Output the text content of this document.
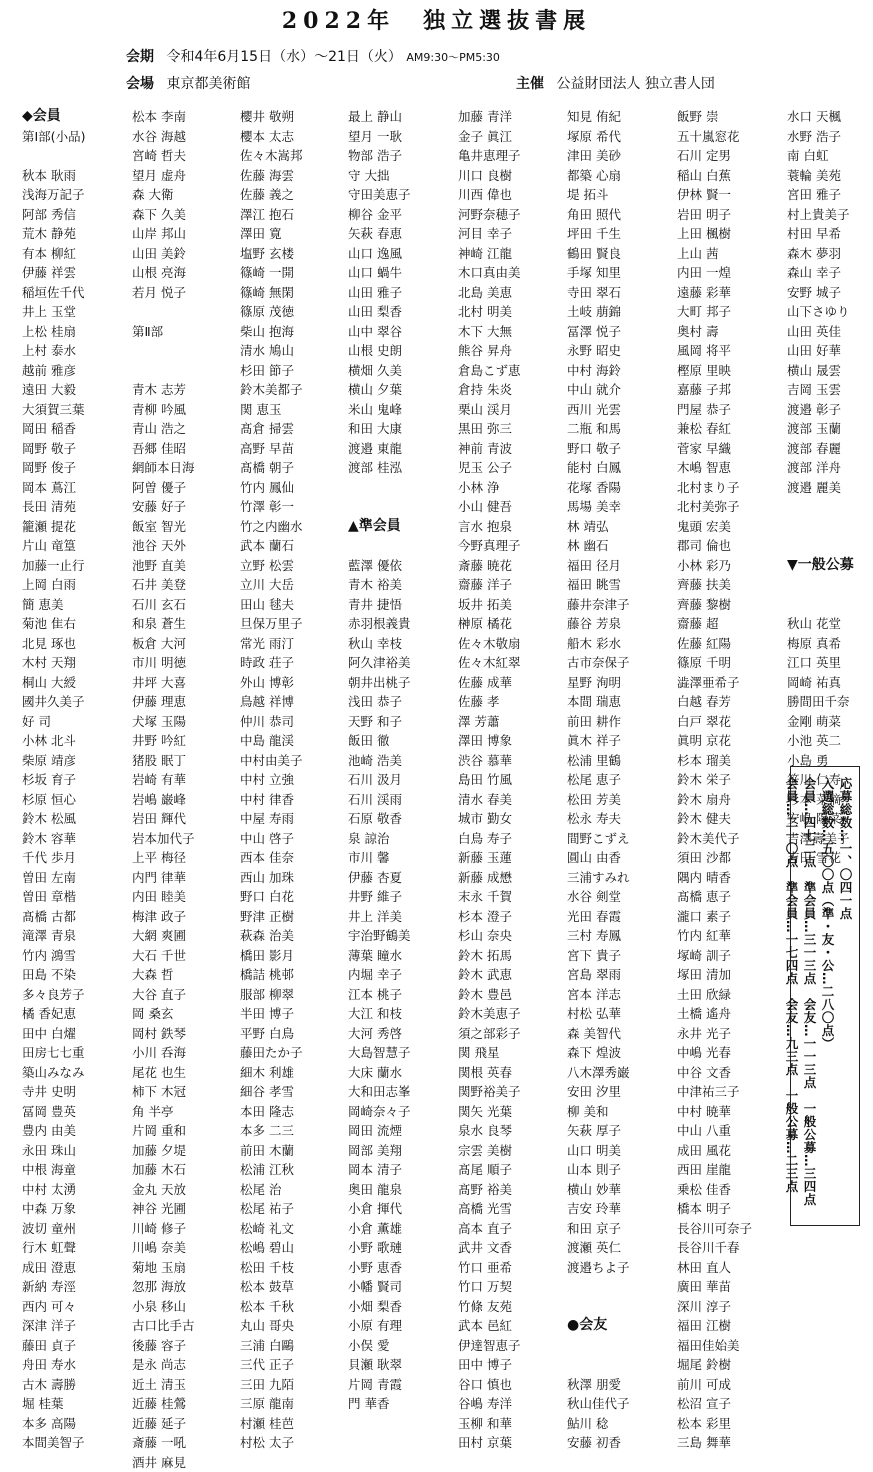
2022年　独立選抜書展
会期 令和4年6月15日（水）〜21日（火） AM9:30〜PM5:30
会場 東京都美術館	主催 公益財団法人 独立書人団
◆会員
第Ⅰ部(小品)
秋本 耿雨
浅海万記子
阿部 秀信
荒木 静苑
有本 柳紅
伊藤 祥雲
稲垣佐千代
井上 玉堂
上松 桂扇
上村 泰水
越前 雅彦
遠田 大毅
大須賀三葉
岡田 稲香
岡野 敬子
岡野 俊子
岡本 蔦江
長田 清苑
籠瀬 提花
片山 竜篁
加藤一止行
上岡 白雨
簡 恵美
菊池 隹右
北見 琢也
木村 天翔
桐山 大綬
國井久美子
好 司
小林 北斗
柴原 靖彦
杉坂 育子
杉原 恒心
鈴木 松風
鈴木 容華
千代 歩月
曽田 左南
曽田 章楷
髙橋 古都
滝澤 青泉
竹内 鴻雪
田島 不染
多々良芳子
橘 香妃恵
田中 白燿
田房七七重
築山みなみ
寺井 史明
冨岡 豊英
豊内 由美
永田 珠山
中根 海童
中村 太湧
中森 万象
波切 童州
行木 虹聲
成田 澄恵
新納 寿涇
西内 可々
深津 洋子
藤田 貞子
舟田 寿水
古木 壽勝
堀 桂葉
本多 高陽
本間美智子
松本 李南
水谷 海越
宮崎 哲夫
望月 虚舟
森 大衛
森下 久美
山岸 邦山
山田 美鈴
山根 亮海
若月 悦子
第Ⅱ部
青木 志芳
青柳 吟風
青山 浩之
吾郷 佳昭
網師本日海
阿曽 優子
安藤 好子
飯室 智光
池谷 天外
池野 直美
石井 美登
石川 玄石
和泉 蒼生
板倉 大河
市川 明徳
井坪 大喜
伊藤 理恵
犬塚 玉陽
井野 吟紅
猪股 眠丁
岩崎 有華
岩嶋 巌峰
岩田 輝代
岩本加代子
上平 梅径
内門 律華
内田 睦美
梅津 政子
大網 爽圃
大石 千世
大森 哲
大谷 直子
岡 桑玄
岡村 鉄琴
小川 呑海
尾花 也生
柿下 木冠
角 半亭
片岡 重和
加藤 夕堤
加藤 木石
金丸 天放
神谷 光圃
川崎 修子
川嶋 奈美
菊地 玉扇
忽那 海放
小泉 移山
古口比手古
後藤 容子
是永 尚志
近土 清玉
近藤 桂鶯
近藤 延子
斎藤 一吼
酒井 麻見
櫻井 敬朔
櫻本 太志
佐々木嵩邦
佐藤 海雲
佐藤 義之
澤江 抱石
澤田 寛
塩野 玄楼
篠崎 一開
篠崎 無閑
篠原 茂徳
柴山 抱海
清水 鳩山
杉田 節子
鈴木美都子
関 恵玉
髙倉 掃雲
高野 早苗
髙橋 朝子
竹内 鳳仙
竹澤 彰一
竹之内幽水
武本 蘭石
立野 松雲
立川 大岳
田山 毬夫
旦保万里子
常光 雨汀
時政 荘子
外山 博彰
鳥越 祥博
仲川 恭司
中島 龍渓
中村由美子
中村 立強
中村 律香
中屋 寿雨
中山 啓子
西本 佳奈
西山 加珠
野口 白花
野津 正樹
萩森 治美
橋田 影月
橋詰 桃邨
服部 柳翠
半田 博子
平野 白鳥
藤田たか子
細木 利雄
細谷 孝雪
本田 隆志
本多 二三
前田 木蘭
松浦 江秋
松尾 治
松尾 祐子
松崎 礼文
松嶋 碧山
松田 千枝
松本 鼓草
松本 千秋
丸山 哥央
三浦 白鷗
三代 正子
三田 九陌
三原 龍南
村瀬 桂芭
村松 太子
最上 静山
望月 一耿
物部 浩子
守 大拙
守田美恵子
柳谷 金平
矢萩 春恵
山口 逸風
山口 蝸牛
山田 雅子
山田 梨香
山中 翠谷
山根 史朗
横畑 久美
横山 夕葉
米山 鬼峰
和田 大康
渡邉 東龍
渡部 桂泓
▲準会員
藍澤 優依
青木 裕美
青井 捷悟
赤羽根義貴
秋山 幸枝
阿久津裕美
朝井出桃子
浅田 恭子
天野 和子
飯田 徹
池崎 浩美
石川 汲月
石川 渓雨
石原 敬香
泉 諒治
市川 馨
伊藤 杏夏
井野 維子
井上 洋美
宇治野鶴美
薄葉 瞳水
内堀 幸子
江本 桃子
大江 和枝
大河 秀啓
大島智慧子
大床 蘭水
大和田志峯
岡崎奈々子
岡田 流煙
岡部 美翔
岡本 清子
奥田 龍泉
小倉 揮代
小倉 薫雄
小野 歌璉
小野 恵香
小幡 賢司
小畑 梨香
小原 有理
小俣 愛
貝瀬 耿翠
片岡 青霞
門 華香
加藤 青洋
金子 眞江
亀井恵理子
川口 良樹
川西 偉也
河野奈穂子
河目 幸子
神崎 江龍
木口真由美
北島 美恵
北村 明美
木下 大無
熊谷 昇舟
倉島こず恵
倉持 朱炎
栗山 渓月
黒田 弥三
神前 青波
児玉 公子
小林 浄
小山 健吾
言水 抱泉
今野真理子
斎藤 暁花
齋藤 洋子
坂井 拓美
榊原 橘花
佐々木敬扇
佐々木紅翠
佐藤 成華
佐藤 孝
澤 芳蕭
澤田 博象
渋谷 慕華
島田 竹風
清水 春美
城市 勤女
白鳥 寿子
新藤 玉蓮
新藤 成懋
末永 千賀
杉本 澄子
杉山 奈央
鈴木 拓馬
鈴木 武恵
鈴木 豊邑
鈴木美恵子
須之部彩子
関 飛星
関根 英春
関野裕美子
関矢 光葉
泉水 良琴
宗雲 美樹
髙尾 順子
髙野 裕美
高橋 光雪
高本 直子
武井 文香
竹口 亜希
竹口 万契
竹條 友苑
武本 邑紅
伊達智恵子
田中 博子
谷口 慎也
谷嶋 寿洋
玉柳 和華
田村 京葉
知見 侑紀
塚原 希代
津田 美砂
都築 心扇
堤 拓斗
角田 照代
坪田 千生
鶴田 賢良
手塚 知里
寺田 翠石
土岐 萠錦
冨澤 悦子
永野 昭史
中村 海鈴
中山 就介
西川 光雲
二瓶 和馬
野口 敬子
能村 白鳳
花塚 香陽
馬場 美幸
林 靖弘
林 幽石
福田 径月
福田 眺雪
藤井奈津子
藤谷 芳泉
船木 彩水
古市奈保子
星野 洵明
本間 瑞恵
前田 耕作
眞木 祥子
松浦 里鶴
松尾 恵子
松田 芳美
松永 寿夫
間野こずえ
圓山 由香
三浦すみれ
水谷 剣堂
光田 春霞
三村 寿鳳
宮下 貴子
宮島 翠雨
宮本 洋志
村松 弘華
森 美智代
森下 煌波
八木澤秀巌
安田 汐里
柳 美和
矢萩 厚子
山口 明美
山本 則子
横山 妙華
吉安 玲華
和田 京子
渡瀬 英仁
渡邉ちよ子
●会友
秋澤 朋愛
秋山佳代子
鮎川 稔
安藤 初香
飯野 崇
五十嵐窓花
石川 定男
稲山 白蕉
伊林 賢一
岩田 明子
上田 楓樹
上山 茜
内田 一煌
遠藤 彩華
大町 邦子
奥村 壽
風岡 将平
樫原 里映
嘉藤 子邦
門屋 恭子
兼松 春紅
菅家 早織
木嶋 智恵
北村まり子
北村美弥子
鬼頭 宏美
郡司 倫也
小林 彩乃
齊藤 扶美
齊藤 黎樹
齋藤 超
佐藤 紅陽
篠原 千明
澁澤亜希子
白越 春芳
白戸 翠花
眞明 京花
杉本 瑠美
鈴木 栄子
鈴木 扇舟
鈴木 健夫
鈴木美代子
須田 沙都
隅内 晴香
髙橋 恵子
瀧口 素子
竹内 紅華
塚崎 訓子
塚田 清加
土田 欣緑
土橋 遙舟
永井 光子
中嶋 光春
中谷 文香
中津祐三子
中村 暁華
中山 八重
成田 風花
西田 崖龍
乗松 佳香
橋本 明子
長谷川可奈子
長谷川千春
林田 直人
廣田 華苗
深川 淳子
福田 江樹
福田佳始美
堀尾 鈴樹
前川 可成
松沼 宣子
松本 彩里
三島 舞華
水口 天楓
水野 浩子
南 白虹
蓑輪 美苑
宮田 雅子
村上貴美子
村田 早希
森木 夢羽
森山 幸子
安野 城子
山下さゆり
山田 英佳
山田 好華
横山 晟雲
吉岡 玉雲
渡邉 彰子
渡部 玉蘭
渡部 春麗
渡部 洋舟
渡邉 麗美
▼一般公募
秋山 花堂
梅原 真希
江口 英里
岡崎 祐真
勝間田千奈
金剛 萌菜
小池 英二
小島 勇
笹川 仁寿
杉本 菜摘
安嶋 陽菜
吉澤壽美子
吉田 雪花
応募総数…一、〇四一点
入選総数…五〇〇点（準・友・公…二八〇点）
会員…四七二点　準会員…三一三点　会友…一一三点　一般公募…三四点
会員…二一〇点　準会員…一七四点　会友…九三点　一般公募…二三点
